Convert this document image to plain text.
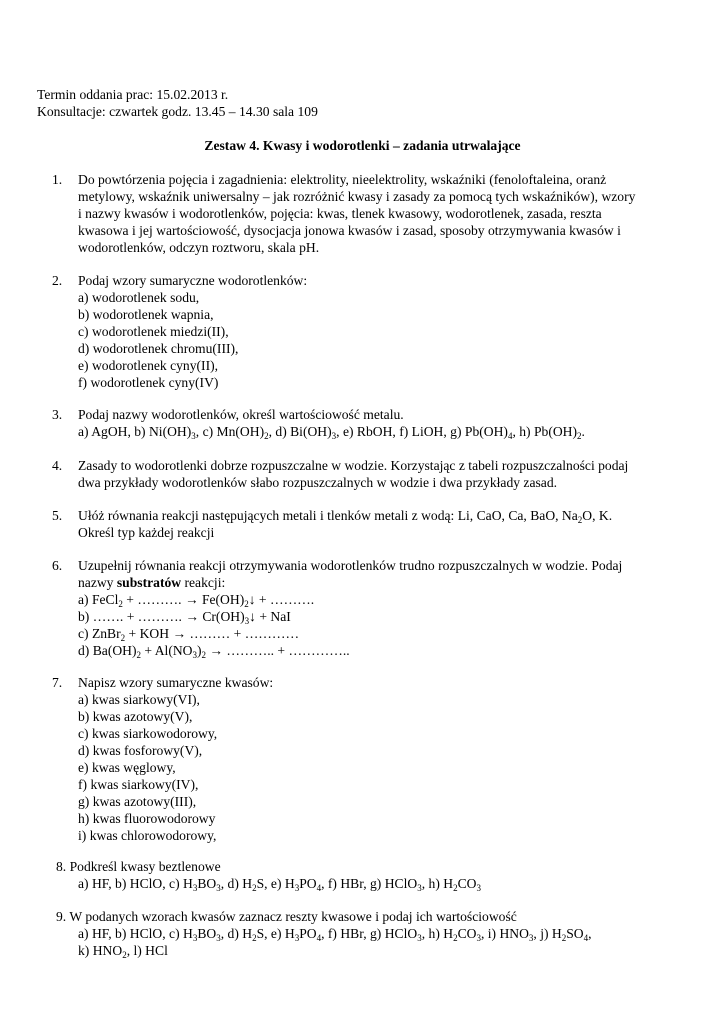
Termin oddania prac: 15.02.2013 r.
Konsultacje: czwartek godz. 13.45 – 14.30 sala 109
Zestaw 4. Kwasy i wodorotlenki – zadania utrwalające
1. Do powtórzenia pojęcia i zagadnienia: elektrolity, nieelektrolity, wskaźniki (fenoloftaleina, oranż
metylowy, wskaźnik uniwersalny – jak rozróżnić kwasy i zasady za pomocą tych wskaźników), wzory
i nazwy kwasów i wodorotlenków, pojęcia: kwas, tlenek kwasowy, wodorotlenek, zasada, reszta
kwasowa i jej wartościowość, dysocjacja jonowa kwasów i zasad, sposoby otrzymywania kwasów i
wodorotlenków, odczyn roztworu, skala pH.
2. Podaj wzory sumaryczne wodorotlenków:
a) wodorotlenek sodu,
b) wodorotlenek wapnia,
c) wodorotlenek miedzi(II),
d) wodorotlenek chromu(III),
e) wodorotlenek cyny(II),
f) wodorotlenek cyny(IV)
3. Podaj nazwy wodorotlenków, określ wartościowość metalu.
a) AgOH, b) $Ni(OH)_3$, c) $Mn(OH)_2$, d) $Bi(OH)_3$, e) RbOH, f) LiOH, g) $Pb(OH)_4$, h) $Pb(OH)_2$.
4. Zasady to wodorotlenki dobrze rozpuszczalne w wodzie. Korzystając z tabeli rozpuszczalności podaj
dwa przykłady wodorotlenków słabo rozpuszczalnych w wodzie i dwa przykłady zasad.
5. Ułóż równania reakcji następujących metali i tlenków metali z wodą: Li, CaO, Ca, BaO, $Na_2O$, K.
Określ typ każdej reakcji
6. Uzupełnij równania reakcji otrzymywania wodorotlenków trudno rozpuszczalnych w wodzie. Podaj
nazwy substratów reakcji:
a) FeCl$_2$ + ………. → $Fe(OH)_2↓$ + ……….
b) ……. + ………. → $Cr(OH)_3↓$ + NaI
c) ZnBr$_2$ + KOH → ……… + …………
d) $Ba(OH)_2 + Al(NO_3)_2$ → ……….. + …………..
7. Napisz wzory sumaryczne kwasów:
a) kwas siarkowy(VI),
b) kwas azotowy(V),
c) kwas siarkowodorowy,
d) kwas fosforowy(V),
e) kwas węglowy,
f) kwas siarkowy(IV),
g) kwas azotowy(III),
h) kwas fluorowodorowy
i) kwas chlorowodorowy,
8. Podkreśl kwasy beztlenowe
a) HF, b) HClO, c) $H_3BO_3$, d) $H_2S$, e) $H_3PO_4$, f) HBr, g) HClO$_3$, h) $H_2CO_3$
9. W podanych wzorach kwasów zaznacz reszty kwasowe i podaj ich wartościowość
a) HF, b) HClO, c) $H_3BO_3$, d) $H_2S$, e) $H_3PO_4$, f) HBr, g) HClO$_3$, h) $H_2CO_3$, i) $HNO_3$, j) $H_2SO_4$,
k) $HNO_2$, l) HCl
